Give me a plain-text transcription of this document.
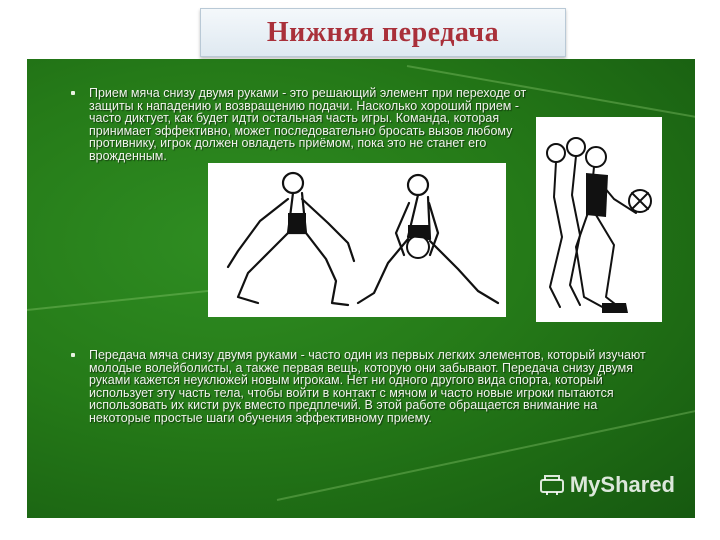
Нижняя передача
Прием мяча снизу двумя руками - это решающий элемент при переходе от защиты к нападению и возвращению подачи. Насколько хороший прием - часто диктует, как будет идти остальная часть игры. Команда, которая принимает эффективно, может последовательно бросать вызов любому противнику, игрок должен овладеть приёмом, пока это не станет его врожденным.
Передача мяча снизу двумя руками - часто один из первых легких элементов, который изучают молодые волейболисты, а также первая вещь, которую они забывают. Передача снизу двумя руками кажется неуклюжей новым игрокам. Нет ни одного другого вида спорта, который использует эту часть тела, чтобы войти в контакт с мячом и часто новые игроки пытаются использовать их кисти рук вместо предплечий. В этой работе обращается внимание на некоторые простые шаги обучения эффективному приему.
MyShared
